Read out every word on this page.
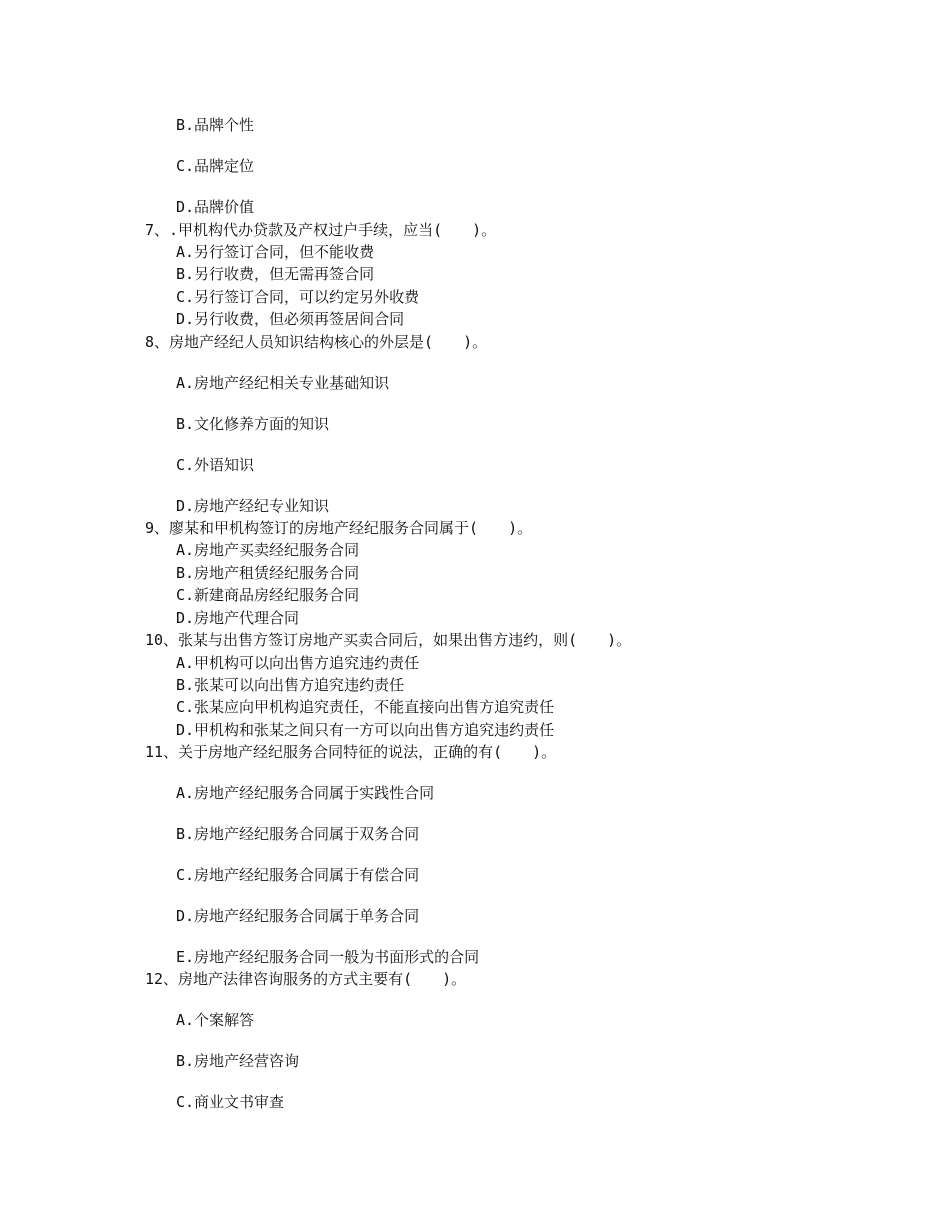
B.品牌个性

C.品牌定位

D.品牌价值

7、.甲机构代办贷款及产权过户手续，应当(　　)。

A.另行签订合同，但不能收费

B.另行收费，但无需再签合同

C.另行签订合同，可以约定另外收费

D.另行收费，但必须再签居间合同

8、房地产经纪人员知识结构核心的外层是(　　)。

A.房地产经纪相关专业基础知识

B.文化修养方面的知识

C.外语知识

D.房地产经纪专业知识

9、廖某和甲机构签订的房地产经纪服务合同属于(　　)。

A.房地产买卖经纪服务合同

B.房地产租赁经纪服务合同

C.新建商品房经纪服务合同

D.房地产代理合同

10、张某与出售方签订房地产买卖合同后，如果出售方违约，则(　　)。

A.甲机构可以向出售方追究违约责任

B.张某可以向出售方追究违约责任

C.张某应向甲机构追究责任，不能直接向出售方追究责任

D.甲机构和张某之间只有一方可以向出售方追究违约责任

11、关于房地产经纪服务合同特征的说法，正确的有(　　)。

A.房地产经纪服务合同属于实践性合同

B.房地产经纪服务合同属于双务合同

C.房地产经纪服务合同属于有偿合同

D.房地产经纪服务合同属于单务合同

E.房地产经纪服务合同一般为书面形式的合同

12、房地产法律咨询服务的方式主要有(　　)。

A.个案解答

B.房地产经营咨询

C.商业文书审查
